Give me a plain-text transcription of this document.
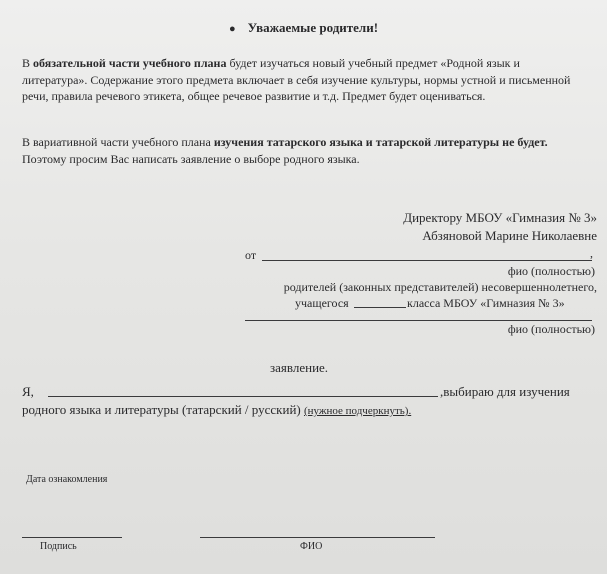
● Уважаемые родители!
В обязательной части учебного плана будет изучаться новый учебный предмет «Родной язык и литература». Содержание этого предмета включает в себя изучение культуры, нормы устной и письменной речи, правила речевого этикета, общее речевое развитие и т.д. Предмет будет оцениваться.
В вариативной части учебного плана изучения татарского языка и татарской литературы не будет. Поэтому просим Вас написать заявление о выборе родного языка.
Директору МБОУ «Гимназия № 3»
Абзяновой Марине Николаевне
от	,
фио (полностью)
родителей (законных представителей) несовершеннолетнего,
учащегося	класса МБОУ «Гимназия № 3»
фио (полностью)
заявление.
Я,	,выбираю для изучения
родного языка и литературы (татарский / русский) (нужное подчеркнуть).
Дата ознакомления
Подпись	ФИО
